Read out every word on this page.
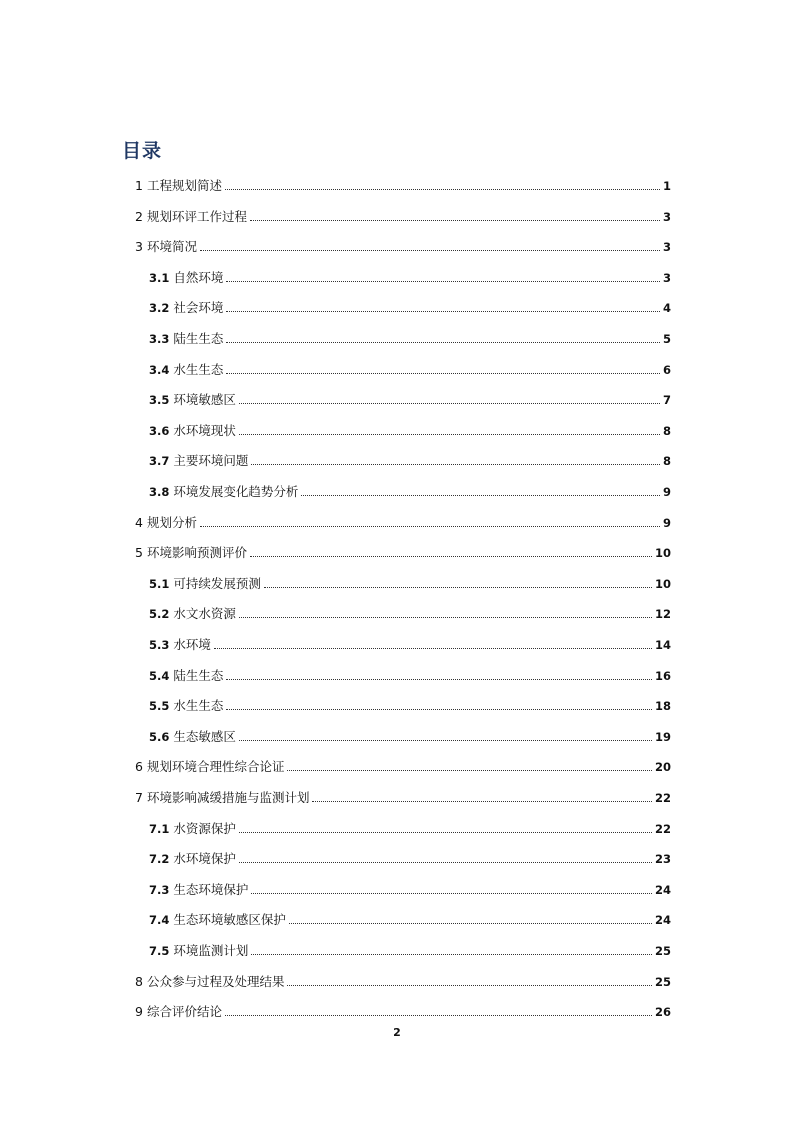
目录
1 工程规划简述	1
2 规划环评工作过程	3
3 环境简况	3
3.1 自然环境	3
3.2 社会环境	4
3.3 陆生生态	5
3.4 水生生态	6
3.5 环境敏感区	7
3.6 水环境现状	8
3.7 主要环境问题	8
3.8 环境发展变化趋势分析	9
4 规划分析	9
5 环境影响预测评价	10
5.1 可持续发展预测	10
5.2 水文水资源	12
5.3 水环境	14
5.4 陆生生态	16
5.5 水生生态	18
5.6 生态敏感区	19
6 规划环境合理性综合论证	20
7 环境影响减缓措施与监测计划	22
7.1 水资源保护	22
7.2 水环境保护	23
7.3 生态环境保护	24
7.4 生态环境敏感区保护	24
7.5 环境监测计划	25
8 公众参与过程及处理结果	25
9 综合评价结论	26
2
